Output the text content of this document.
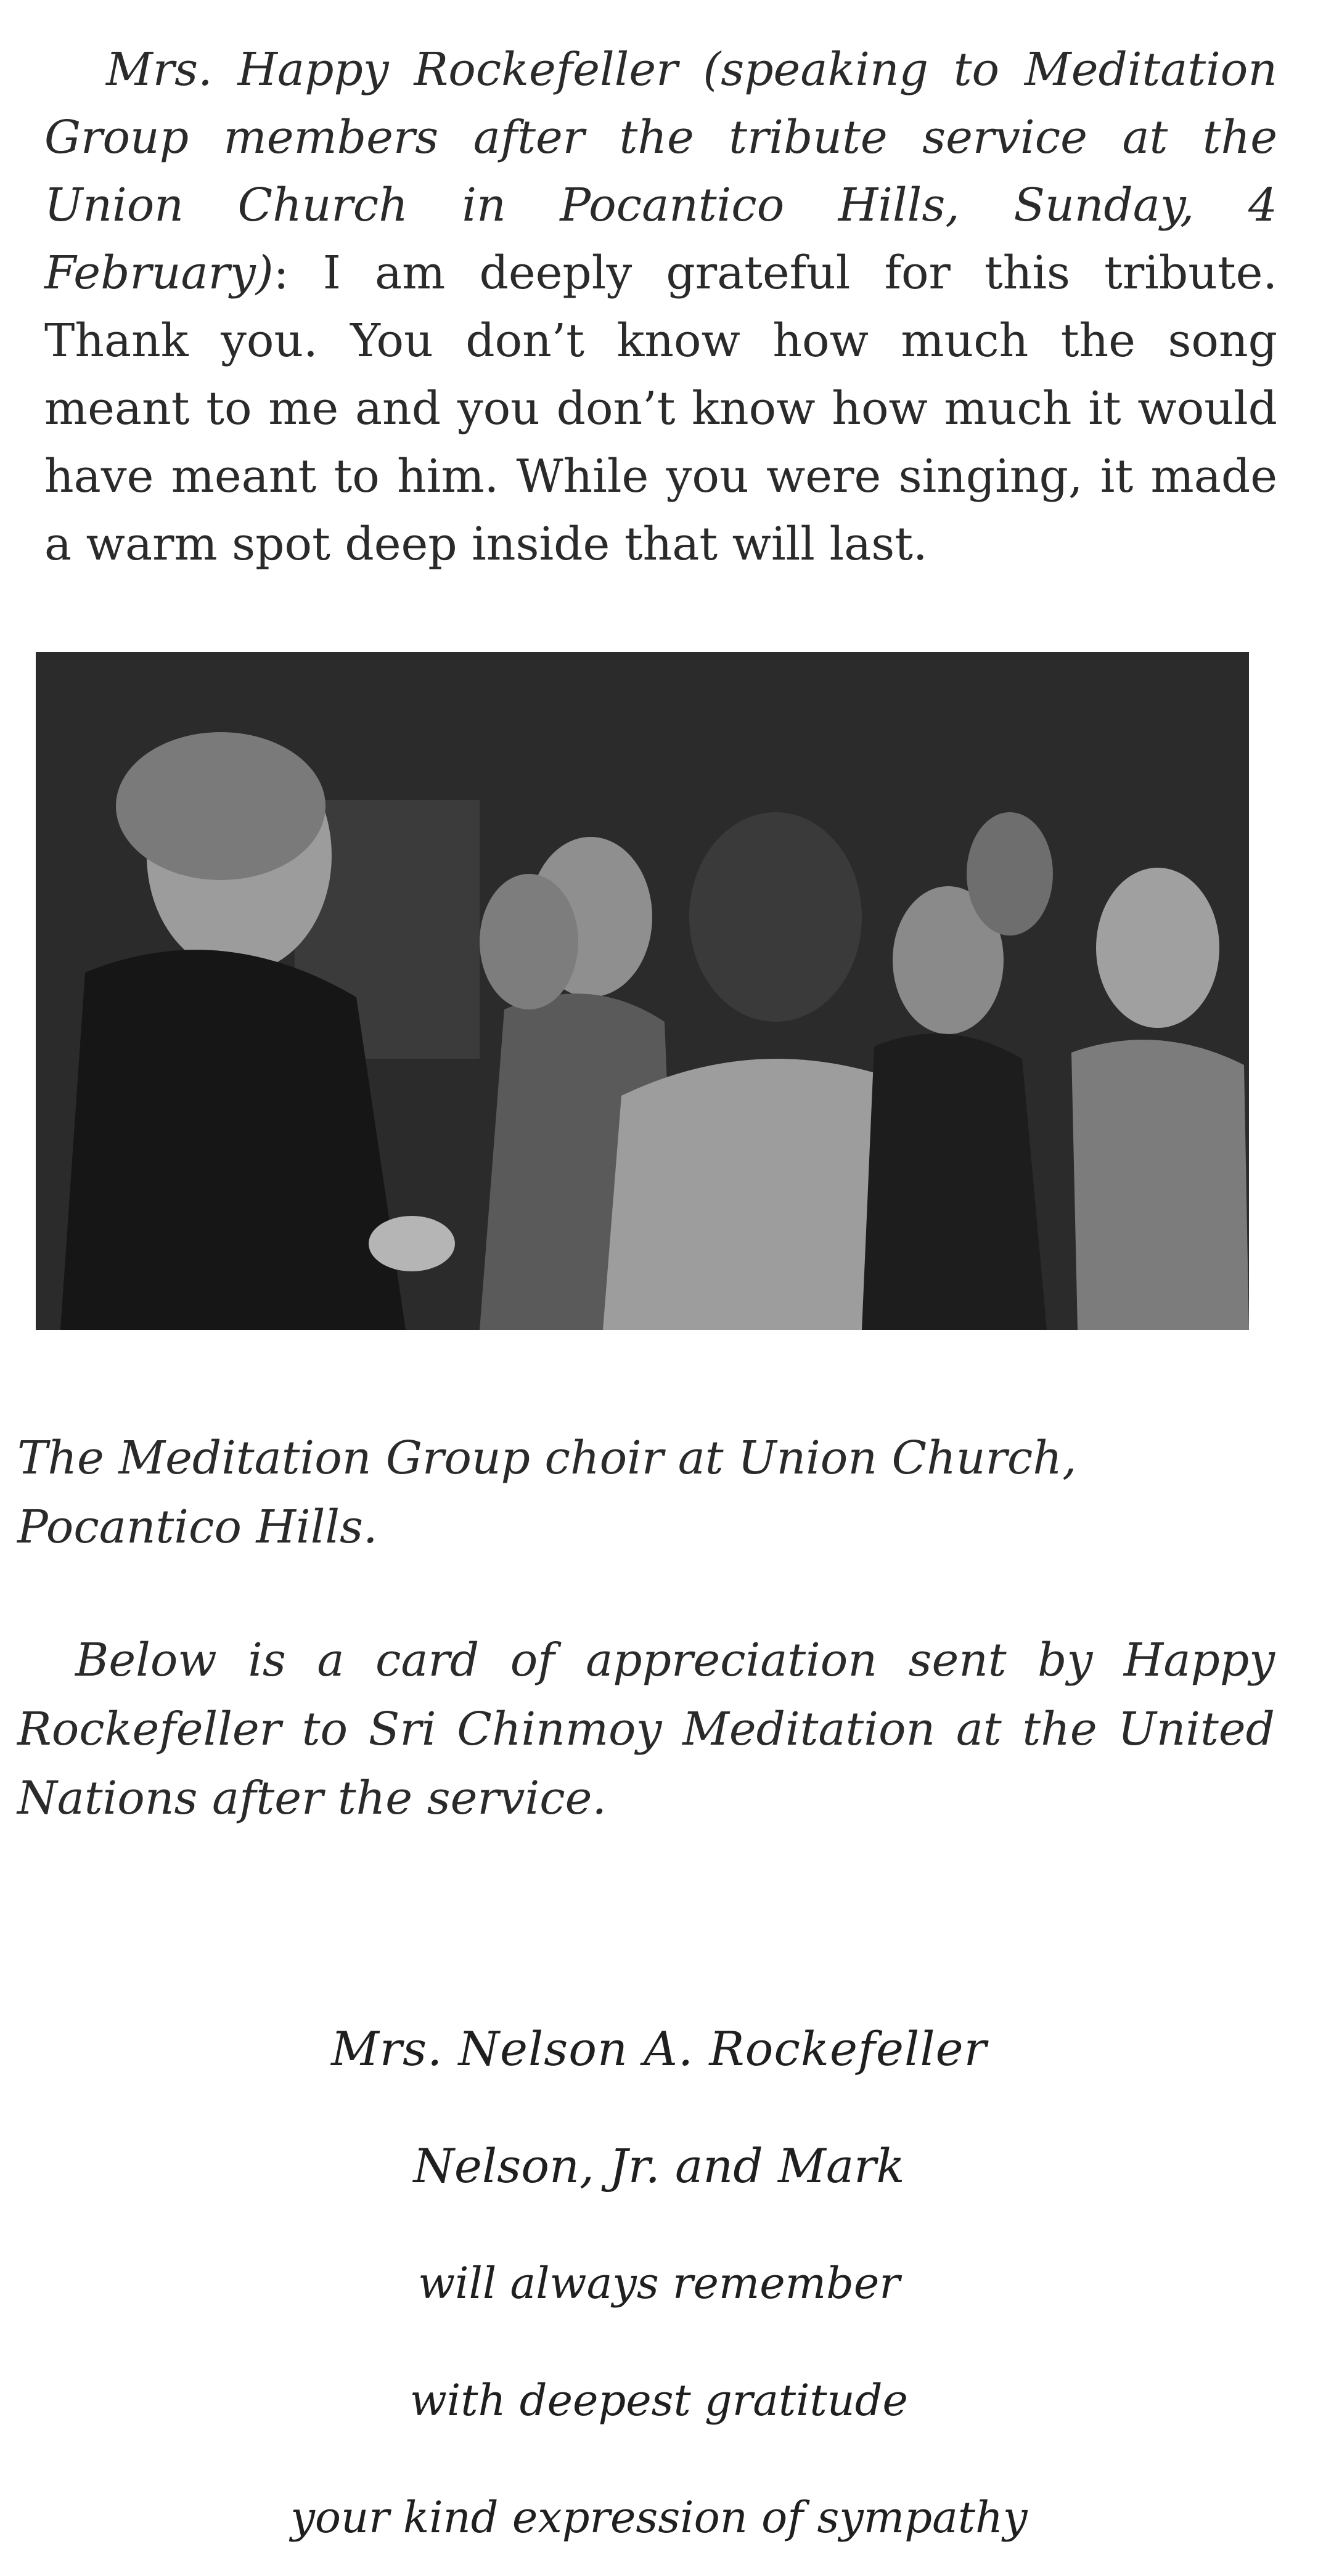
Mrs. Happy Rockefeller (speaking to Meditation Group members after the tribute service at the Union Church in Pocantico Hills, Sunday, 4 February): I am deeply grateful for this tribute. Thank you. You don’t know how much the song meant to me and you don’t know how much it would have meant to him. While you were singing, it made a warm spot deep inside that will last.

The Meditation Group choir at Union Church, Pocantico Hills.

Below is a card of appreciation sent by Happy Rockefeller to Sri Chinmoy Meditation at the United Nations after the service.

Mrs. Nelson A. Rockefeller
Nelson, Jr. and Mark
will always remember
with deepest gratitude
your kind expression of sympathy
